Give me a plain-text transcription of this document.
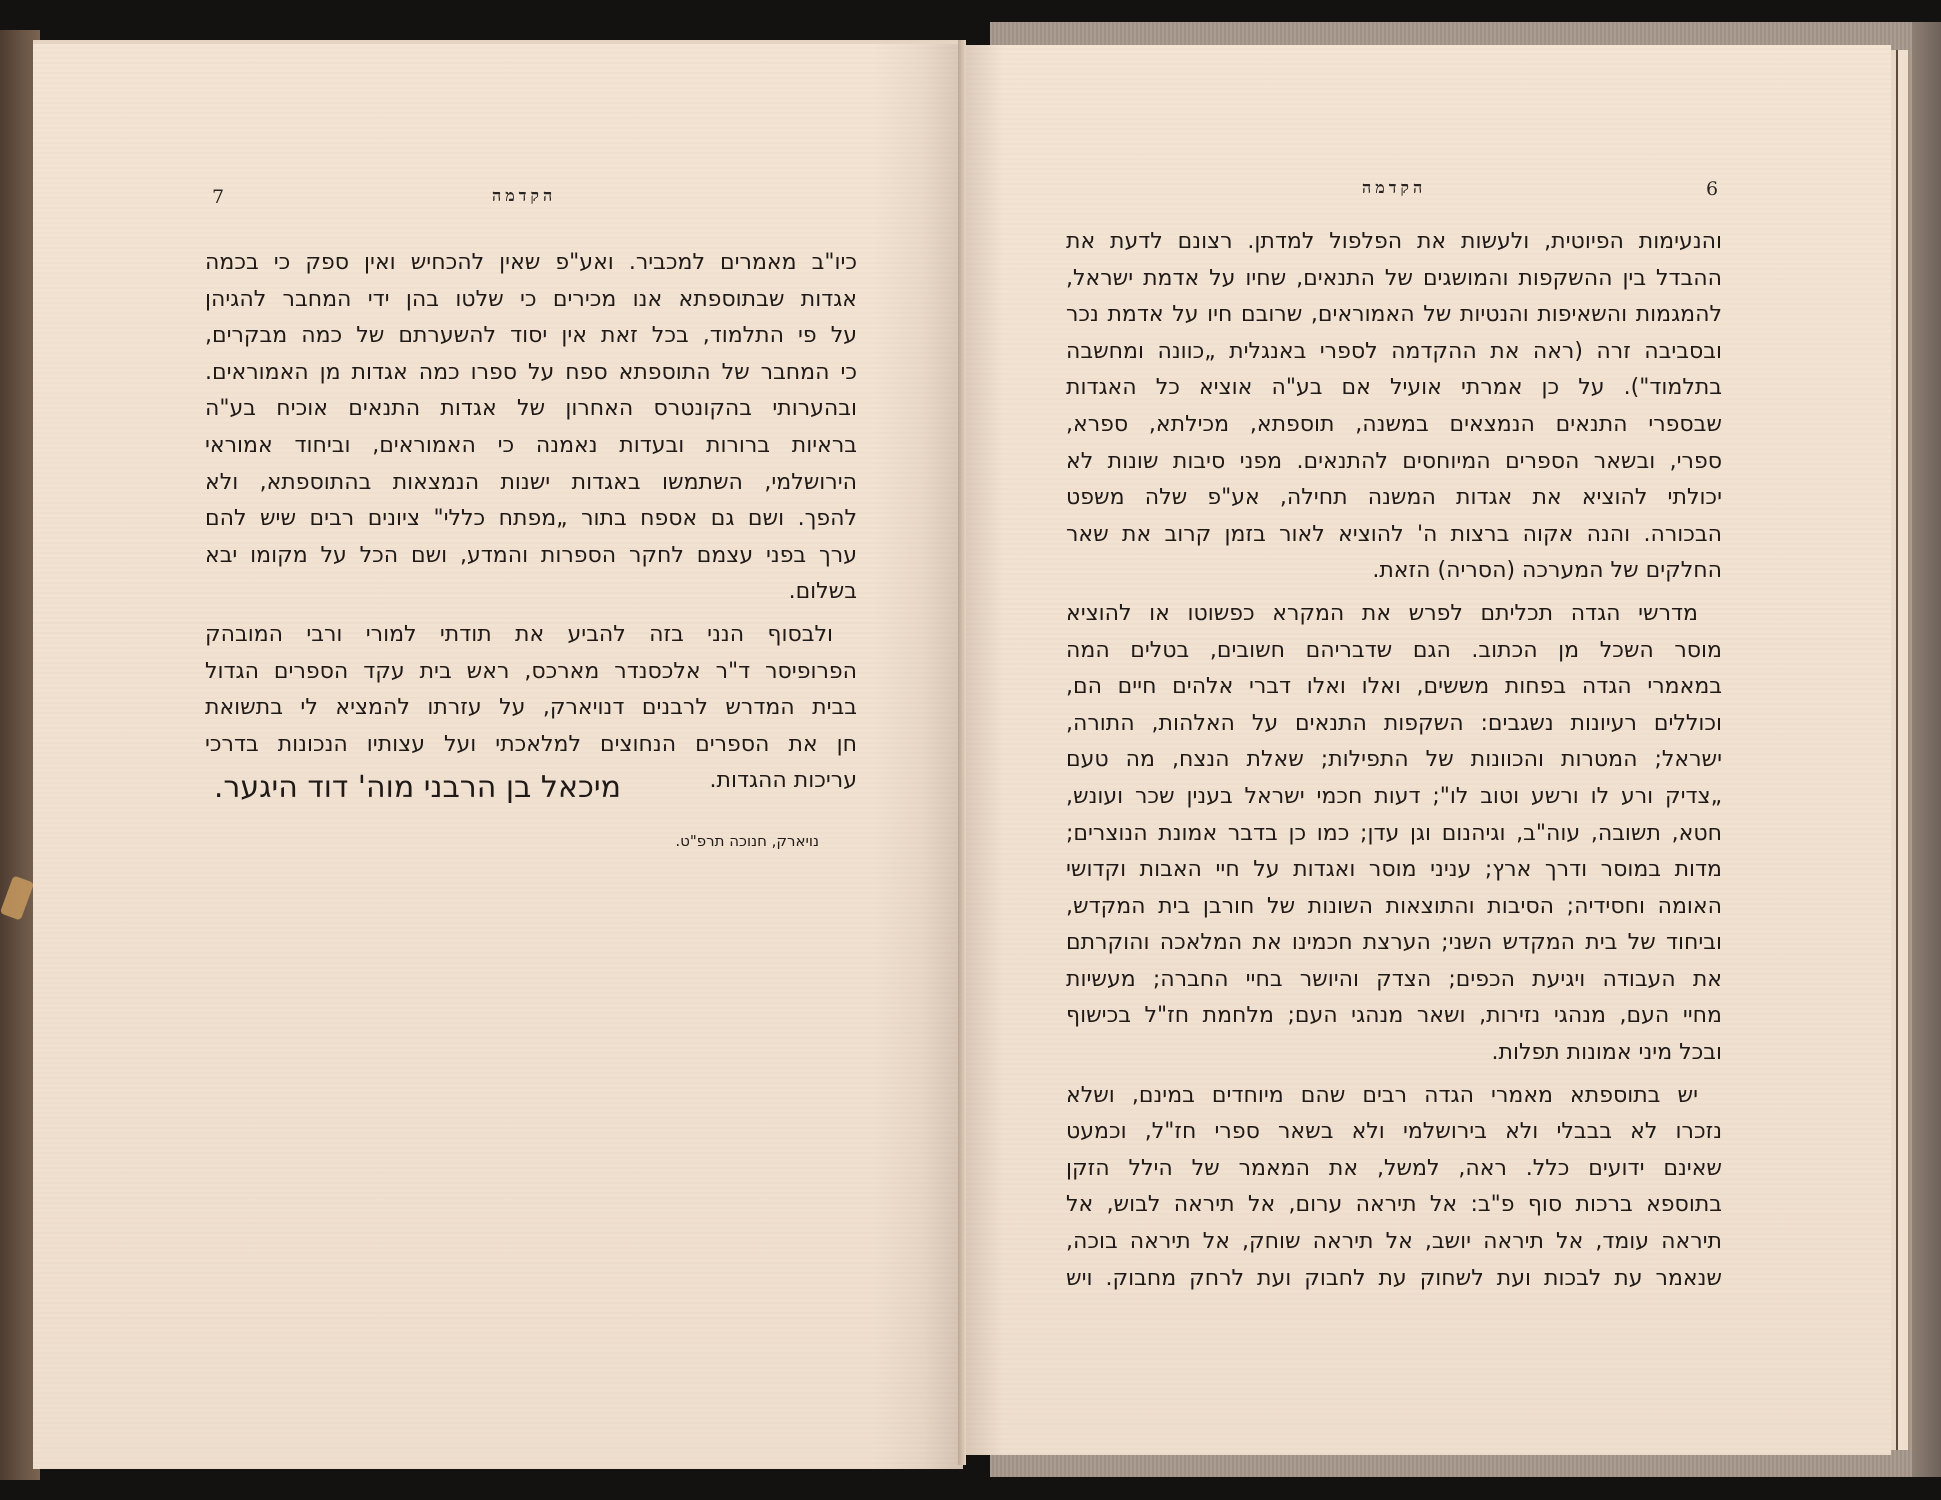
7	הקדמה
כיו"ב מאמרים למכביר. ואע"פ שאין להכחיש ואין ספק כי בכמה
אגדות שבתוספתא אנו מכירים כי שלטו בהן ידי המחבר להגיהן
על פי התלמוד, בכל זאת אין יסוד להשערתם של כמה מבקרים,
כי המחבר של התוספתא ספח על ספרו כמה אגדות מן האמוראים.
ובהערותי בהקונטרס האחרון של אגדות התנאים אוכיח בע"ה
בראיות ברורות ובעדות נאמנה כי האמוראים, וביחוד אמוראי
הירושלמי, השתמשו באגדות ישנות הנמצאות בהתוספתא, ולא
להפך. ושם גם אספח בתור „מפתח כללי" ציונים רבים שיש להם
ערך בפני עצמם לחקר הספרות והמדע, ושם הכל על מקומו יבא
בשלום.
ולבסוף הנני בזה להביע את תודתי למורי ורבי המובהק
הפרופיסר ד"ר אלכסנדר מארכס, ראש בית עקד הספרים הגדול
בבית המדרש לרבנים דנויארק, על עזרתו להמציא לי בתשואת
חן את הספרים הנחוצים למלאכתי ועל עצותיו הנכונות בדרכי
עריכות ההגדות.
מיכאל בן הרבני מוה' דוד היגער.
נויארק, חנוכה תרפ"ט.
הקדמה	6
והנעימות הפיוטית, ולעשות את הפלפול למדתן. רצונם לדעת את
ההבדל בין ההשקפות והמושגים של התנאים, שחיו על אדמת ישראל,
להמגמות והשאיפות והנטיות של האמוראים, שרובם חיו על אדמת נכר
ובסביבה זרה (ראה את ההקדמה לספרי באנגלית „כוונה ומחשבה
בתלמוד"). על כן אמרתי אועיל אם בע"ה אוציא כל האגדות
שבספרי התנאים הנמצאים במשנה, תוספתא, מכילתא, ספרא,
ספרי, ובשאר הספרים המיוחסים להתנאים. מפני סיבות שונות לא
יכולתי להוציא את אגדות המשנה תחילה, אע"פ שלה משפט
הבכורה. והנה אקוה ברצות ה' להוציא לאור בזמן קרוב את שאר
החלקים של המערכה (הסריה) הזאת.
מדרשי הגדה תכליתם לפרש את המקרא כפשוטו או להוציא
מוסר השכל מן הכתוב. הגם שדבריהם חשובים, בטלים המה
במאמרי הגדה בפחות מששים, ואלו ואלו דברי אלהים חיים הם,
וכוללים רעיונות נשגבים: השקפות התנאים על האלהות, התורה,
ישראל; המטרות והכוונות של התפילות; שאלת הנצח, מה טעם
„צדיק ורע לו ורשע וטוב לו"; דעות חכמי ישראל בענין שכר ועונש,
חטא, תשובה, עוה"ב, וגיהנום וגן עדן; כמו כן בדבר אמונת הנוצרים;
מדות במוסר ודרך ארץ; עניני מוסר ואגדות על חיי האבות וקדושי
האומה וחסידיה; הסיבות והתוצאות השונות של חורבן בית המקדש,
וביחוד של בית המקדש השני; הערצת חכמינו את המלאכה והוקרתם
את העבודה ויגיעת הכפים; הצדק והיושר בחיי החברה; מעשיות
מחיי העם, מנהגי נזירות, ושאר מנהגי העם; מלחמת חז"ל בכישוף
ובכל מיני אמונות תפלות.
יש בתוספתא מאמרי הגדה רבים שהם מיוחדים במינם, ושלא
נזכרו לא בבבלי ולא בירושלמי ולא בשאר ספרי חז"ל, וכמעט
שאינם ידועים כלל. ראה, למשל, את המאמר של הילל הזקן
בתוספא ברכות סוף פ"ב: אל תיראה ערום, אל תיראה לבוש, אל
תיראה עומד, אל תיראה יושב, אל תיראה שוחק, אל תיראה בוכה,
שנאמר עת לבכות ועת לשחוק עת לחבוק ועת לרחק מחבוק. ויש
